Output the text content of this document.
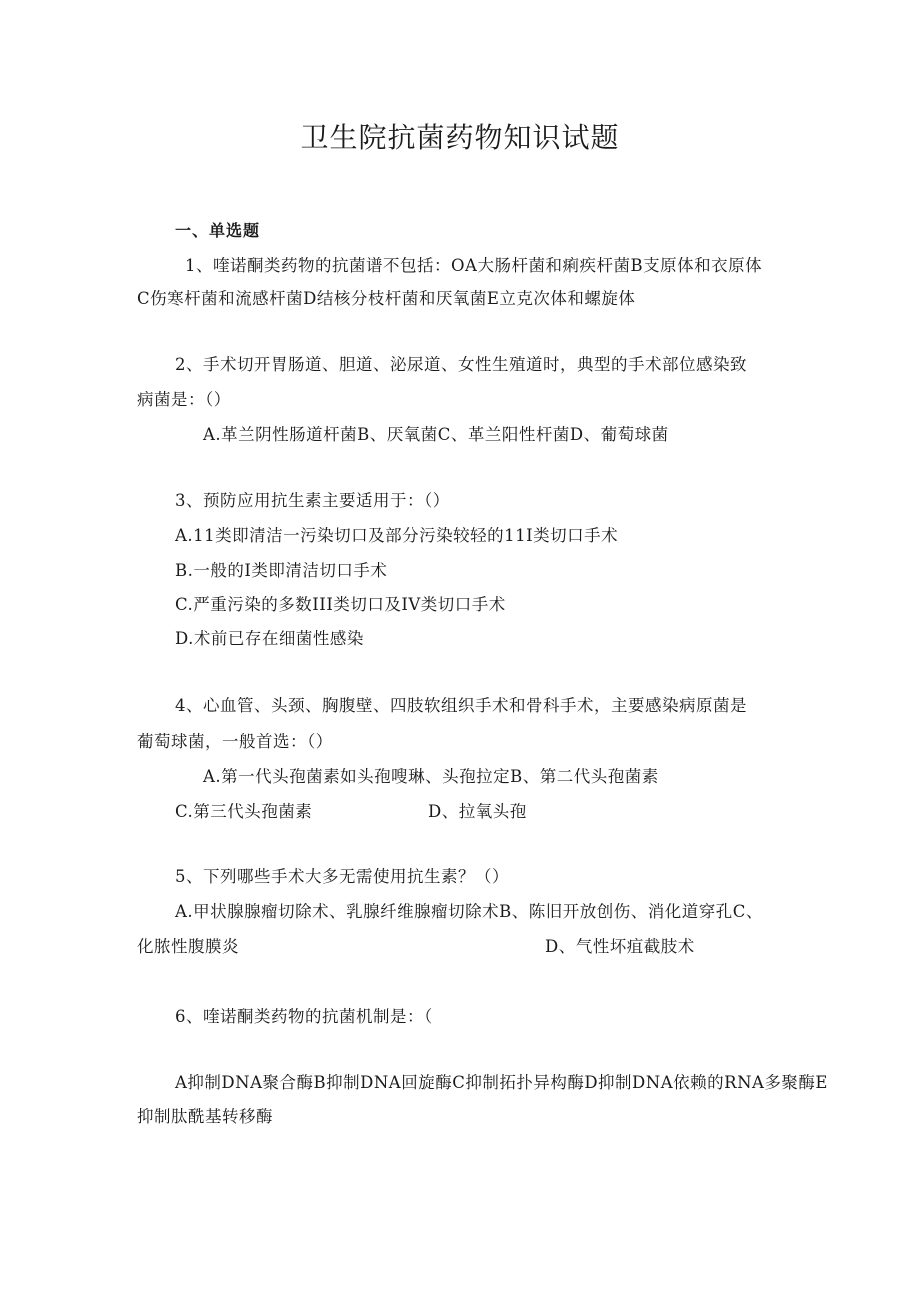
卫生院抗菌药物知识试题
一、单选题
1、喹诺酮类药物的抗菌谱不包括：OA大肠杆菌和痢疾杆菌B支原体和衣原体
C伤寒杆菌和流感杆菌D结核分枝杆菌和厌氧菌E立克次体和螺旋体
2、手术切开胃肠道、胆道、泌尿道、女性生殖道时，典型的手术部位感染致
病菌是：（）
A.革兰阴性肠道杆菌B、厌氧菌C、革兰阳性杆菌D、葡萄球菌
3、预防应用抗生素主要适用于：（）
A.11类即清洁一污染切口及部分污染较轻的11I类切口手术
B.一般的I类即清洁切口手术
C.严重污染的多数III类切口及IV类切口手术
D.术前已存在细菌性感染
4、心血管、头颈、胸腹壁、四肢软组织手术和骨科手术，主要感染病原菌是
葡萄球菌，一般首选：（）
A.第一代头孢菌素如头孢嗖琳、头孢拉定B、第二代头孢菌素
C.第三代头孢菌素	D、拉氧头孢
5、下列哪些手术大多无需使用抗生素？（）
A.甲状腺腺瘤切除术、乳腺纤维腺瘤切除术B、陈旧开放创伤、消化道穿孔C、
化脓性腹膜炎	D、气性坏疽截肢术
6、喹诺酮类药物的抗菌机制是：（
A抑制DNA聚合酶B抑制DNA回旋酶C抑制拓扑异构酶D抑制DNA依赖的RNA多聚酶E
抑制肽酰基转移酶
